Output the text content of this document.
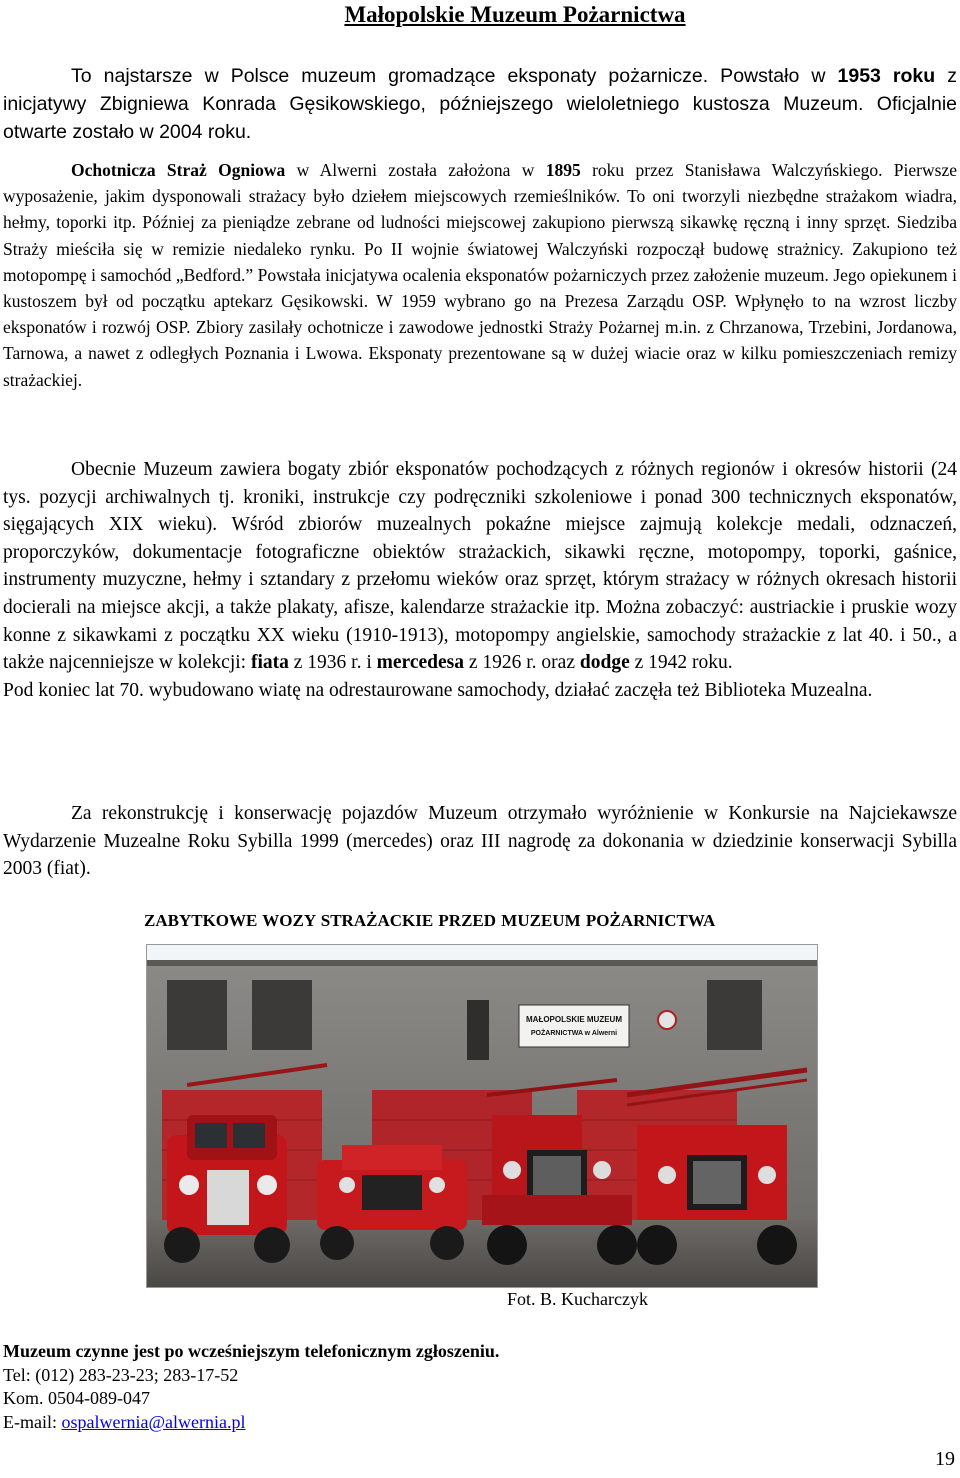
Małopolskie Muzeum Pożarnictwa

To najstarsze w Polsce muzeum gromadzące eksponaty pożarnicze. Powstało w 1953 roku z inicjatywy Zbigniewa Konrada Gęsikowskiego, późniejszego wieloletniego kustosza Muzeum. Oficjalnie otwarte zostało w 2004 roku.

Ochotnicza Straż Ogniowa w Alwerni została założona w 1895 roku przez Stanisława Walczyńskiego. Pierwsze wyposażenie, jakim dysponowali strażacy było dziełem miejscowych rzemieślników. To oni tworzyli niezbędne strażakom wiadra, hełmy, toporki itp. Później za pieniądze zebrane od ludności miejscowej zakupiono pierwszą sikawkę ręczną i inny sprzęt. Siedziba Straży mieściła się w remizie niedaleko rynku. Po II wojnie światowej Walczyński rozpoczął budowę strażnicy. Zakupiono też motopompę i samochód „Bedford.” Powstała inicjatywa ocalenia eksponatów pożarniczych przez założenie muzeum. Jego opiekunem i kustoszem był od początku aptekarz Gęsikowski. W 1959 wybrano go na Prezesa Zarządu OSP. Wpłynęło to na wzrost liczby eksponatów i rozwój OSP. Zbiory zasilały ochotnicze i zawodowe jednostki Straży Pożarnej m.in. z Chrzanowa, Trzebini, Jordanowa, Tarnowa, a nawet z odległych Poznania i Lwowa. Eksponaty prezentowane są w dużej wiacie oraz w kilku pomieszczeniach remizy strażackiej.

Obecnie Muzeum zawiera bogaty zbiór eksponatów pochodzących z różnych regionów i okresów historii (24 tys. pozycji archiwalnych tj. kroniki, instrukcje czy podręczniki szkoleniowe i ponad 300 technicznych eksponatów, sięgających XIX wieku). Wśród zbiorów muzealnych pokaźne miejsce zajmują kolekcje medali, odznaczeń, proporczyków, dokumentacje fotograficzne obiektów strażackich, sikawki ręczne, motopompy, toporki, gaśnice, instrumenty muzyczne, hełmy i sztandary z przełomu wieków oraz sprzęt, którym strażacy w różnych okresach historii docierali na miejsce akcji, a także plakaty, afisze, kalendarze strażackie itp. Można zobaczyć: austriackie i pruskie wozy konne z sikawkami z początku XX wieku (1910-1913), motopompy angielskie, samochody strażackie z lat 40. i 50., a także najcenniejsze w kolekcji: fiata z 1936 r. i mercedesa z 1926 r. oraz dodge z 1942 roku.
Pod koniec lat 70. wybudowano wiatę na odrestaurowane samochody, działać zaczęła też Biblioteka Muzealna.

Za rekonstrukcję i konserwację pojazdów Muzeum otrzymało wyróżnienie w Konkursie na Najciekawsze Wydarzenie Muzealne Roku Sybilla 1999 (mercedes) oraz III nagrodę za dokonania w dziedzinie konserwacji Sybilla 2003 (fiat).

ZABYTKOWE WOZY STRAŻACKIE PRZED MUZEUM POŻARNICTWA
MAŁOPOLSKIE MUZEUM
POŻARNICTWA w Alwerni

Fot. B. Kucharczyk

Muzeum czynne jest po wcześniejszym telefonicznym zgłoszeniu.
Tel: (012) 283-23-23; 283-17-52
Kom. 0504-089-047
E-mail: ospalwernia@alwernia.pl
19
